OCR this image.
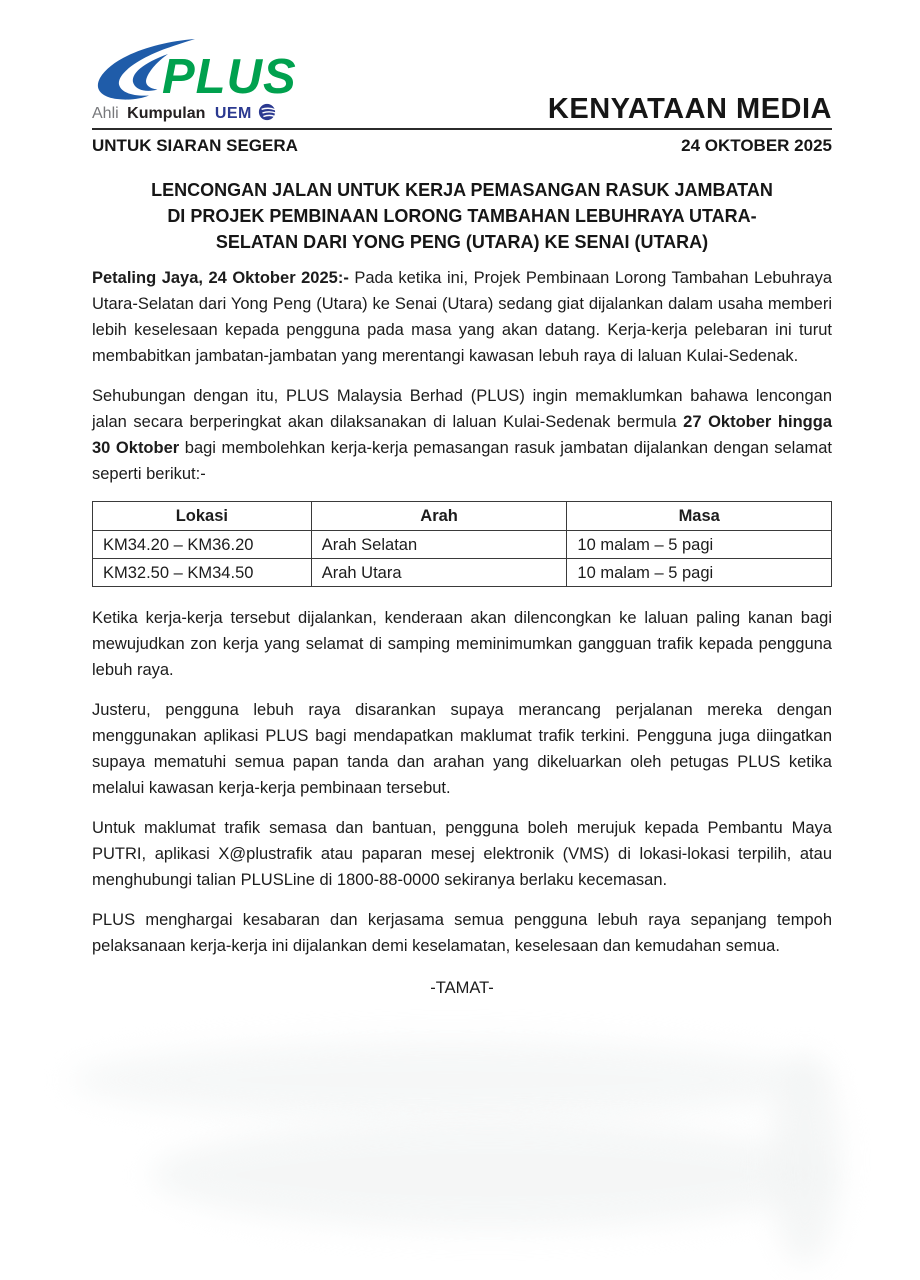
PLUS
Ahli Kumpulan UEM	KENYATAAN MEDIA
UNTUK SIARAN SEGERA	24 OKTOBER 2025
LENCONGAN JALAN UNTUK KERJA PEMASANGAN RASUK JAMBATAN
DI PROJEK PEMBINAAN LORONG TAMBAHAN LEBUHRAYA UTARA-
SELATAN DARI YONG PENG (UTARA) KE SENAI (UTARA)

Petaling Jaya, 24 Oktober 2025:- Pada ketika ini, Projek Pembinaan Lorong Tambahan Lebuhraya Utara-Selatan dari Yong Peng (Utara) ke Senai (Utara) sedang giat dijalankan dalam usaha memberi lebih keselesaan kepada pengguna pada masa yang akan datang. Kerja-kerja pelebaran ini turut membabitkan jambatan-jambatan yang merentangi kawasan lebuh raya di laluan Kulai-Sedenak.

Sehubungan dengan itu, PLUS Malaysia Berhad (PLUS) ingin memaklumkan bahawa lencongan jalan secara berperingkat akan dilaksanakan di laluan Kulai-Sedenak bermula 27 Oktober hingga 30 Oktober bagi membolehkan kerja-kerja pemasangan rasuk jambatan dijalankan dengan selamat seperti berikut:-

Lokasi	Arah	Masa
KM34.20 – KM36.20	Arah Selatan	10 malam – 5 pagi
KM32.50 – KM34.50	Arah Utara	10 malam – 5 pagi

Ketika kerja-kerja tersebut dijalankan, kenderaan akan dilencongkan ke laluan paling kanan bagi mewujudkan zon kerja yang selamat di samping meminimumkan gangguan trafik kepada pengguna lebuh raya.

Justeru, pengguna lebuh raya disarankan supaya merancang perjalanan mereka dengan menggunakan aplikasi PLUS bagi mendapatkan maklumat trafik terkini. Pengguna juga diingatkan supaya mematuhi semua papan tanda dan arahan yang dikeluarkan oleh petugas PLUS ketika melalui kawasan kerja-kerja pembinaan tersebut.

Untuk maklumat trafik semasa dan bantuan, pengguna boleh merujuk kepada Pembantu Maya PUTRI, aplikasi X@plustrafik atau paparan mesej elektronik (VMS) di lokasi-lokasi terpilih, atau menghubungi talian PLUSLine di 1800-88-0000 sekiranya berlaku kecemasan.

PLUS menghargai kesabaran dan kerjasama semua pengguna lebuh raya sepanjang tempoh pelaksanaan kerja-kerja ini dijalankan demi keselamatan, keselesaan dan kemudahan semua.

-TAMAT-
